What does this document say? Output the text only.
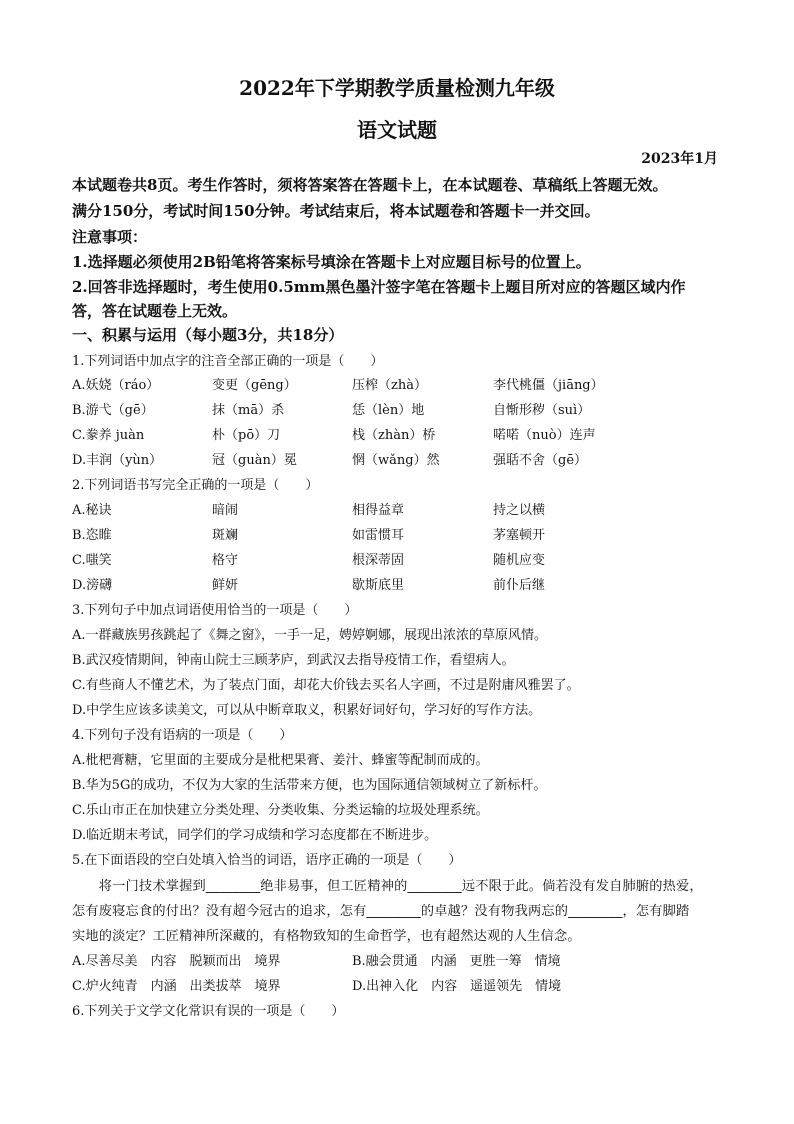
2022年下学期教学质量检测九年级
语文试题
2023年1月
本试题卷共8页。考生作答时，须将答案答在答题卡上，在本试题卷、草稿纸上答题无效。
满分150分，考试时间150分钟。考试结束后，将本试题卷和答题卡一并交回。
注意事项：
1.选择题必须使用2B铅笔将答案标号填涂在答题卡上对应题目标号的位置上。
2.回答非选择题时，考生使用0.5mm黑色墨汁签字笔在答题卡上题目所对应的答题区域内作
答，答在试题卷上无效。
一、积累与运用（每小题3分，共18分）
1.下列词语中加点字的注音全部正确的一项是（　　）
A.妖娆（ráo）	变更（gēng）	压榨（zhà）	李代桃僵（jiāng）
B.游弋（gē）	抹（mā）杀	恁（lèn）地	自惭形秽（suì）
C.豢养 juàn	朴（pō）刀	栈（zhàn）桥	喏喏（nuò）连声
D.丰润（yùn）	冠（guàn）冕	惘（wǎng）然	强聒不舍（gē）
2.下列词语书写完全正确的一项是（　　）
A.秘诀	暗闹	相得益章	持之以横
B.恣睢	斑斓	如雷惯耳	茅塞顿开
C.嗤笑	格守	根深蒂固	随机应变
D.滂礴	鲜妍	歇斯底里	前仆后继
3.下列句子中加点词语使用恰当的一项是（　　）
A.一群藏族男孩跳起了《舞之窗》，一手一足，娉婷婀娜，展现出浓浓的草原风情。
B.武汉疫情期间，钟南山院士三顾茅庐，到武汉去指导疫情工作，看望病人。
C.有些商人不懂艺术，为了装点门面，却花大价钱去买名人字画，不过是附庸风雅罢了。
D.中学生应该多读美文，可以从中断章取义，积累好词好句，学习好的写作方法。
4.下列句子没有语病的一项是（　　）
A.枇杷膏糖，它里面的主要成分是枇杷果膏、姜汁、蜂蜜等配制而成的。
B.华为5G的成功，不仅为大家的生活带来方便，也为国际通信领域树立了新标杆。
C.乐山市正在加快建立分类处理、分类收集、分类运输的垃圾处理系统。
D.临近期末考试，同学们的学习成绩和学习态度都在不断进步。
5.在下面语段的空白处填入恰当的词语，语序正确的一项是（　　）
　　将一门技术掌握到________绝非易事，但工匠精神的________远不限于此。倘若没有发自肺腑的热爱，
怎有废寝忘食的付出？没有超今冠古的追求，怎有________的卓越？没有物我两忘的________，怎有脚踏
实地的淡定？工匠精神所深藏的，有格物致知的生命哲学，也有超然达观的人生信念。
A.尽善尽美　内容　脱颖而出　境界	B.融会贯通　内涵　更胜一筹　情境
C.炉火纯青　内涵　出类拔萃　境界	D.出神入化　内容　遥遥领先　情境
6.下列关于文学文化常识有误的一项是（　　）
